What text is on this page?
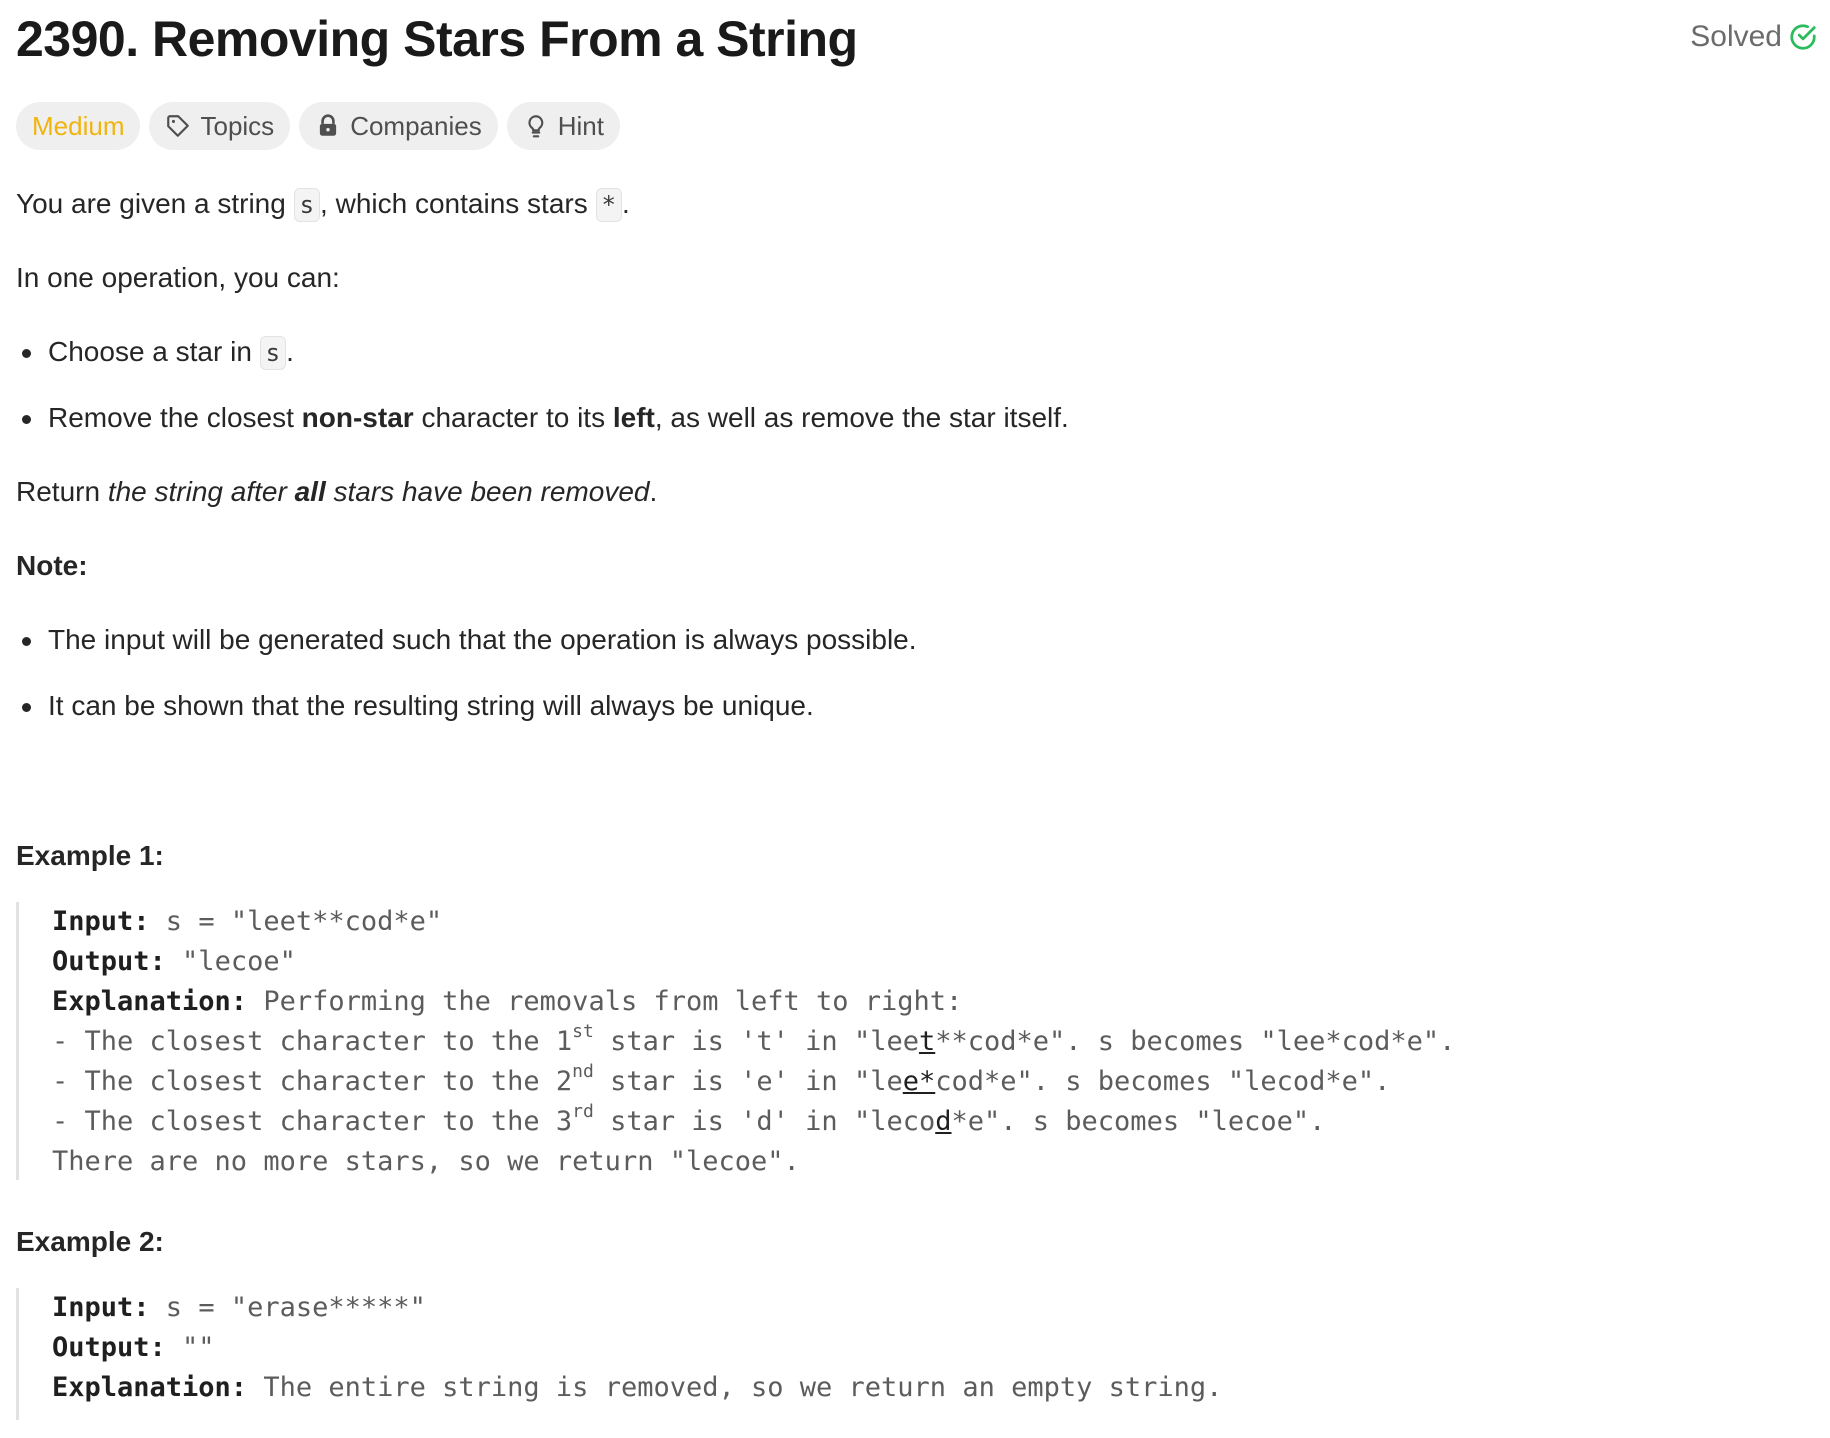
2390. Removing Stars From a String	Solved
Medium	Topics	Companies	Hint

You are given a string s , which contains stars * .

In one operation, you can:

Choose a star in s .
Remove the closest non-star character to its left, as well as remove the star itself.

Return the string after all stars have been removed.

Note:

The input will be generated such that the operation is always possible.
It can be shown that the resulting string will always be unique.

Example 1:

Input: s = "leet**cod*e"
Output: "lecoe"
Explanation: Performing the removals from left to right:
- The closest character to the 1st star is 't' in "leet**cod*e". s becomes "lee*cod*e".
- The closest character to the 2nd star is 'e' in "lee*cod*e". s becomes "lecod*e".
- The closest character to the 3rd star is 'd' in "lecod*e". s becomes "lecoe".
There are no more stars, so we return "lecoe".

Example 2:

Input: s = "erase*****"
Output: ""
Explanation: The entire string is removed, so we return an empty string.
